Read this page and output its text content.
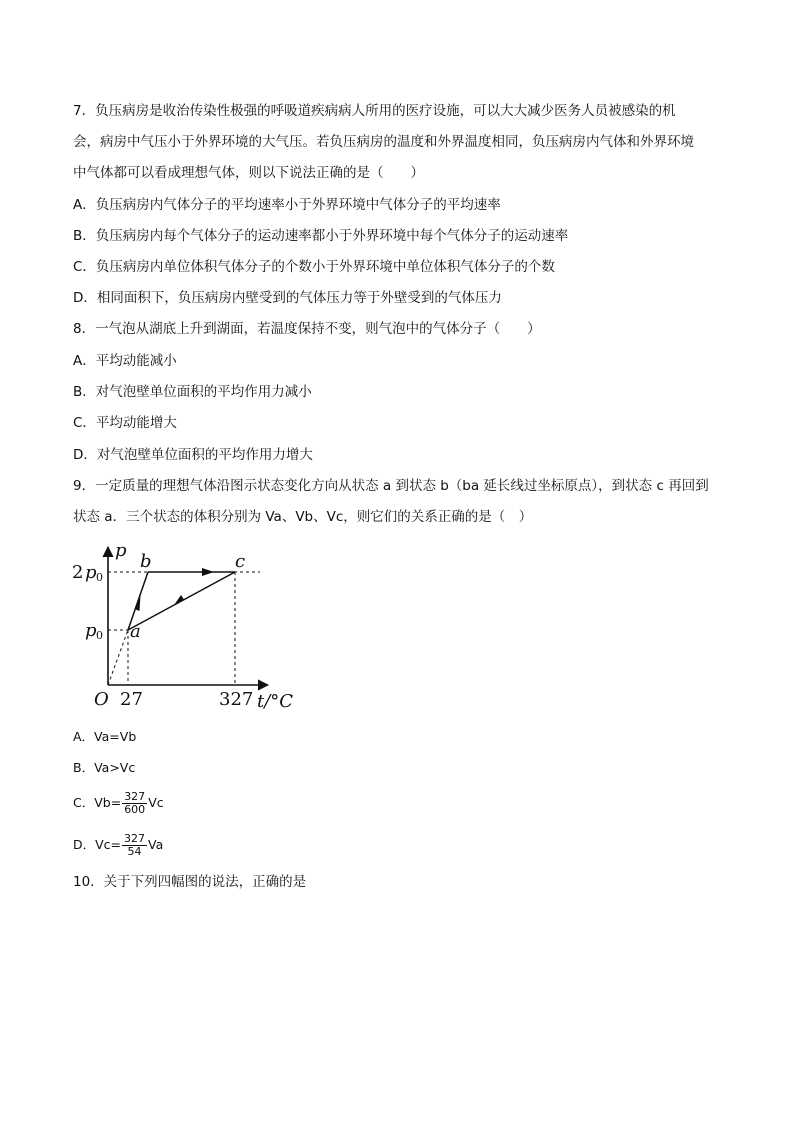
7．负压病房是收治传染性极强的呼吸道疾病病人所用的医疗设施，可以大大减少医务人员被感染的机
会，病房中气压小于外界环境的大气压。若负压病房的温度和外界温度相同，负压病房内气体和外界环境
中气体都可以看成理想气体，则以下说法正确的是（　　）
A．负压病房内气体分子的平均速率小于外界环境中气体分子的平均速率
B．负压病房内每个气体分子的运动速率都小于外界环境中每个气体分子的运动速率
C．负压病房内单位体积气体分子的个数小于外界环境中单位体积气体分子的个数
D．相同面积下，负压病房内壁受到的气体压力等于外壁受到的气体压力
8．一气泡从湖底上升到湖面，若温度保持不变，则气泡中的气体分子（　　）
A．平均动能减小
B．对气泡壁单位面积的平均作用力减小
C．平均动能增大
D．对气泡壁单位面积的平均作用力增大
9．一定质量的理想气体沿图示状态变化方向从状态 a 到状态 b（ba 延长线过坐标原点），到状态 c 再回到
状态 a．三个状态的体积分别为 Va、Vb、Vc，则它们的关系正确的是（　）
p
2 p 0
p 0
b	c
a
O 27	327 t/°C
A．Va=Vb
B．Va>Vc
C．$Vb= \frac{327}{600}$ Vc
D．$Vc= \frac{327}{54}$ Va
10．关于下列四幅图的说法，正确的是
